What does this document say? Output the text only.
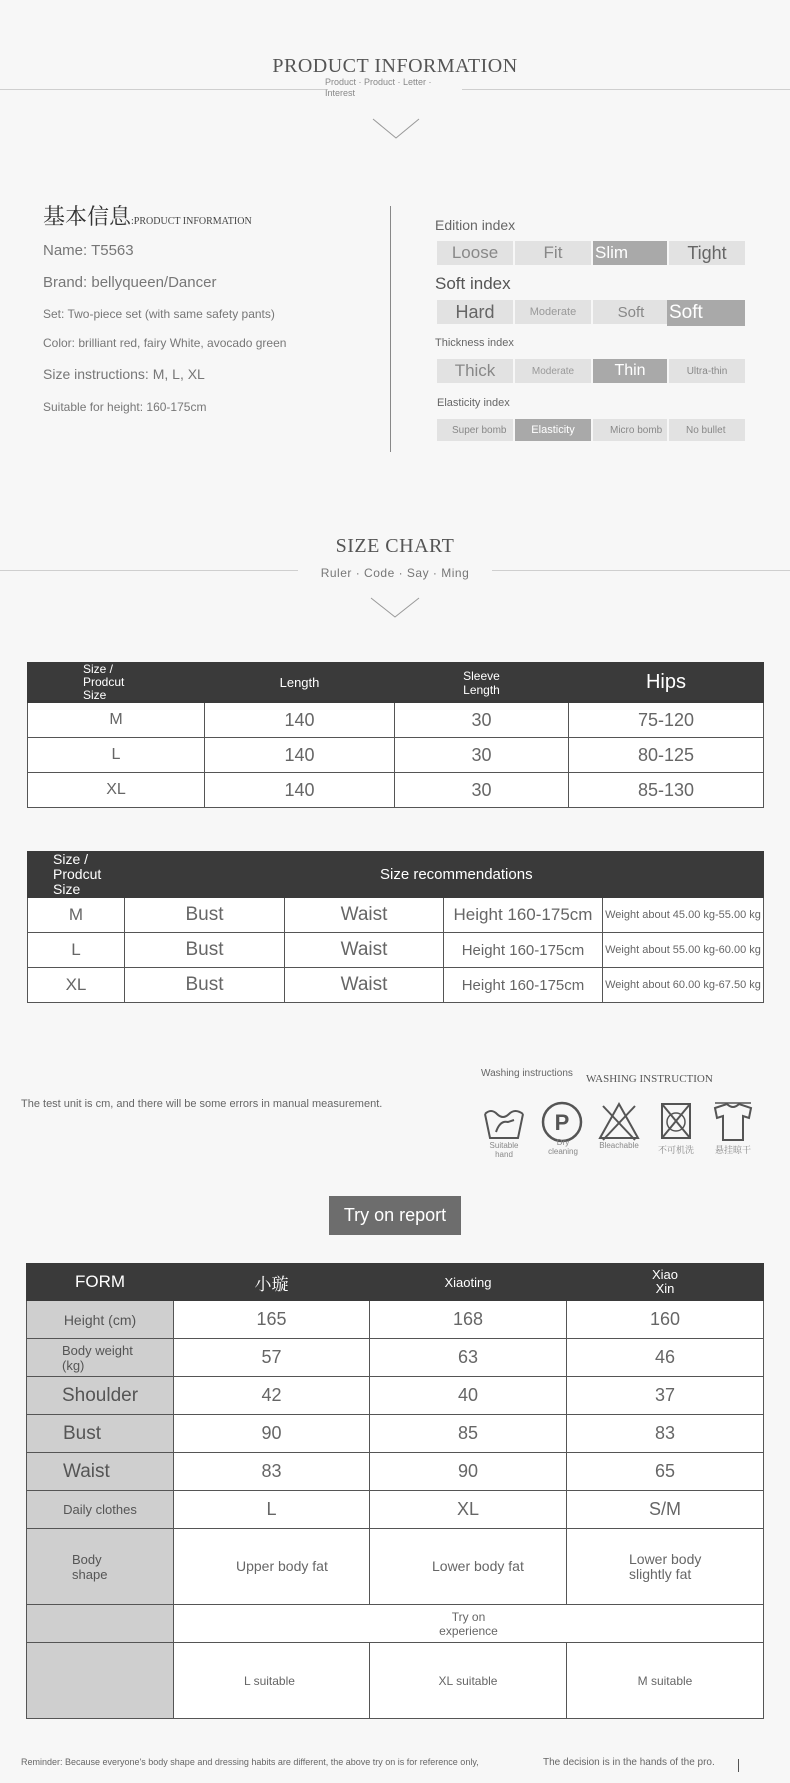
PRODUCT INFORMATION
Product · Product · Letter ·
Interest
基本信息:PRODUCT INFORMATION
Name: T5563
Brand: bellyqueen/Dancer
Set: Two-piece set (with same safety pants)
Color: brilliant red, fairy White, avocado green
Size instructions: M, L, XL
Suitable for height: 160-175cm
Edition index
Loose	Fit	Slim	Tight
Soft index
Hard	Moderate	Soft	Soft
Thickness index
Thick	Moderate	Thin	Ultra-thin
Elasticity index
Super bomb	Elasticity	Micro bomb	No bullet
SIZE CHART
Ruler · Code · Say · Ming
Size / Prodcut Size	Length	Sleeve Length	Hips
M	140	30	75-120
L	140	30	80-125
XL	140	30	85-130
Size / Prodcut Size	Size recommendations			
M	Bust	Waist	Height 160-175cm	Weight about 45.00 kg-55.00 kg
L	Bust	Waist	Height 160-175cm	Weight about 55.00 kg-60.00 kg
XL	Bust	Waist	Height 160-175cm	Weight about 60.00 kg-67.50 kg
The test unit is cm, and there will be some errors in manual measurement.
Washing instructions WASHING INSTRUCTION
Suitable hand
P
Dry cleaning
Bleachable	不可机洗	悬挂晾干
Try on report
FORM	小璇	Xiaoting	Xiao Xin
Height (cm)	165	168	160
Body weight (kg)	57	63	46
Shoulder	42	40	37
Bust	90	85	83
Waist	83	90	65
Daily clothes	L	XL	S/M
Body shape	Upper body fat	Lower body fat	Lower body slightly fat
	Try on experience		
	L suitable	XL suitable	M suitable
Reminder: Because everyone's body shape and dressing habits are different, the above try on is for reference only,	The decision is in the hands of the pro.
